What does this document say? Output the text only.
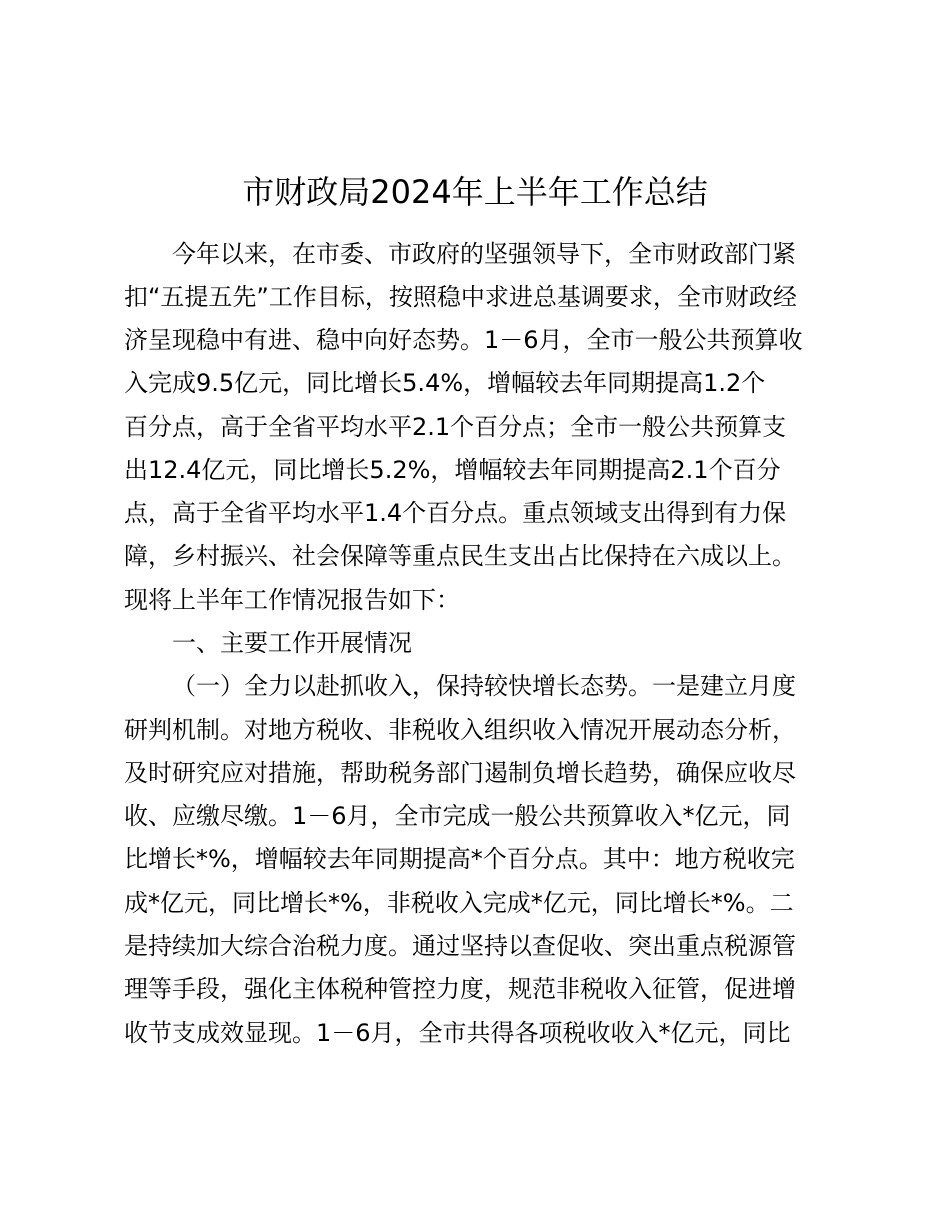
市财政局2024年上半年工作总结
今年以来，在市委、市政府的坚强领导下，全市财政部门紧
扣“五提五先”工作目标，按照稳中求进总基调要求，全市财政经
济呈现稳中有进、稳中向好态势。1－6月，全市一般公共预算收
入完成9.5亿元，同比增长5.4%，增幅较去年同期提高1.2个
百分点，高于全省平均水平2.1个百分点；全市一般公共预算支
出12.4亿元，同比增长5.2%，增幅较去年同期提高2.1个百分
点，高于全省平均水平1.4个百分点。重点领域支出得到有力保
障，乡村振兴、社会保障等重点民生支出占比保持在六成以上。
现将上半年工作情况报告如下：
一、主要工作开展情况
（一）全力以赴抓收入，保持较快增长态势。一是建立月度
研判机制。对地方税收、非税收入组织收入情况开展动态分析，
及时研究应对措施，帮助税务部门遏制负增长趋势，确保应收尽
收、应缴尽缴。1－6月，全市完成一般公共预算收入*亿元，同
比增长*%，增幅较去年同期提高*个百分点。其中：地方税收完
成*亿元，同比增长*%，非税收入完成*亿元，同比增长*%。二
是持续加大综合治税力度。通过坚持以查促收、突出重点税源管
理等手段，强化主体税种管控力度，规范非税收入征管，促进增
收节支成效显现。1－6月，全市共得各项税收收入*亿元，同比
